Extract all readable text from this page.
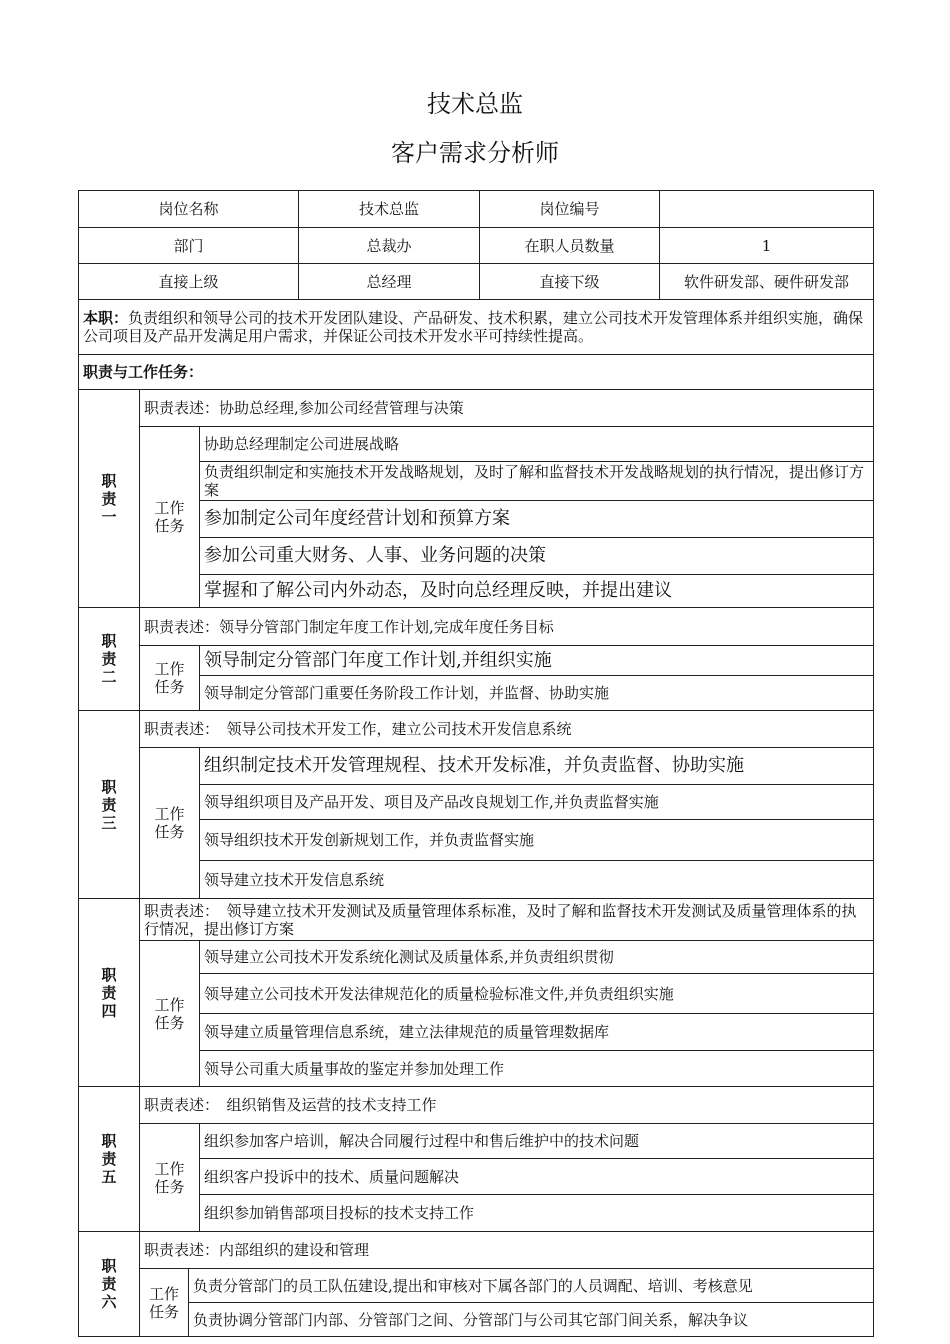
技术总监
客户需求分析师
岗位名称				技术总监	岗位编号	
部门				总裁办	在职人员数量	1
直接上级				总经理	直接下级	软件研发部、硬件研发部
本职：负责组织和领导公司的技术开发团队建设、产品研发、技术积累，建立公司技术开发管理体系并组织实施，确保公司项目及产品开发满足用户需求，并保证公司技术开发水平可持续性提高。						
职责与工作任务：						
职
责
一	职责表述：协助总经理,参加公司经营管理与决策					
	工作
任务		协助总经理制定公司进展战略			
			负责组织制定和实施技术开发战略规划，及时了解和监督技术开发战略规划的执行情况，提出修订方案			
			参加制定公司年度经营计划和预算方案			
			参加公司重大财务、人事、业务问题的决策			
			掌握和了解公司内外动态，及时向总经理反映，并提出建议			
职
责
二	职责表述：领导分管部门制定年度工作计划,完成年度任务目标					
	工作
任务		领导制定分管部门年度工作计划,并组织实施			
			领导制定分管部门重要任务阶段工作计划，并监督、协助实施			
职
责
三	职责表述：　领导公司技术开发工作，建立公司技术开发信息系统					
	工作
任务		组织制定技术开发管理规程、技术开发标准，并负责监督、协助实施			
			领导组织项目及产品开发、项目及产品改良规划工作,并负责监督实施			
			领导组织技术开发创新规划工作，并负责监督实施			
			领导建立技术开发信息系统			
职
责
四	职责表述：　领导建立技术开发测试及质量管理体系标准，及时了解和监督技术开发测试及质量管理体系的执行情况，提出修订方案					
	工作
任务		领导建立公司技术开发系统化测试及质量体系,并负责组织贯彻			
			领导建立公司技术开发法律规范化的质量检验标准文件,并负责组织实施			
			领导建立质量管理信息系统，建立法律规范的质量管理数据库			
			领导公司重大质量事故的鉴定并参加处理工作			
职
责
五	职责表述：　组织销售及运营的技术支持工作					
	工作
任务		组织参加客户培训，解决合同履行过程中和售后维护中的技术问题			
			组织客户投诉中的技术、质量问题解决			
			组织参加销售部项目投标的技术支持工作			
职
责
六	职责表述：内部组织的建设和管理					
	工作
任务	负责分管部门的员工队伍建设,提出和审核对下属各部门的人员调配、培训、考核意见				
		负责协调分管部门内部、分管部门之间、分管部门与公司其它部门间关系，解决争议				
